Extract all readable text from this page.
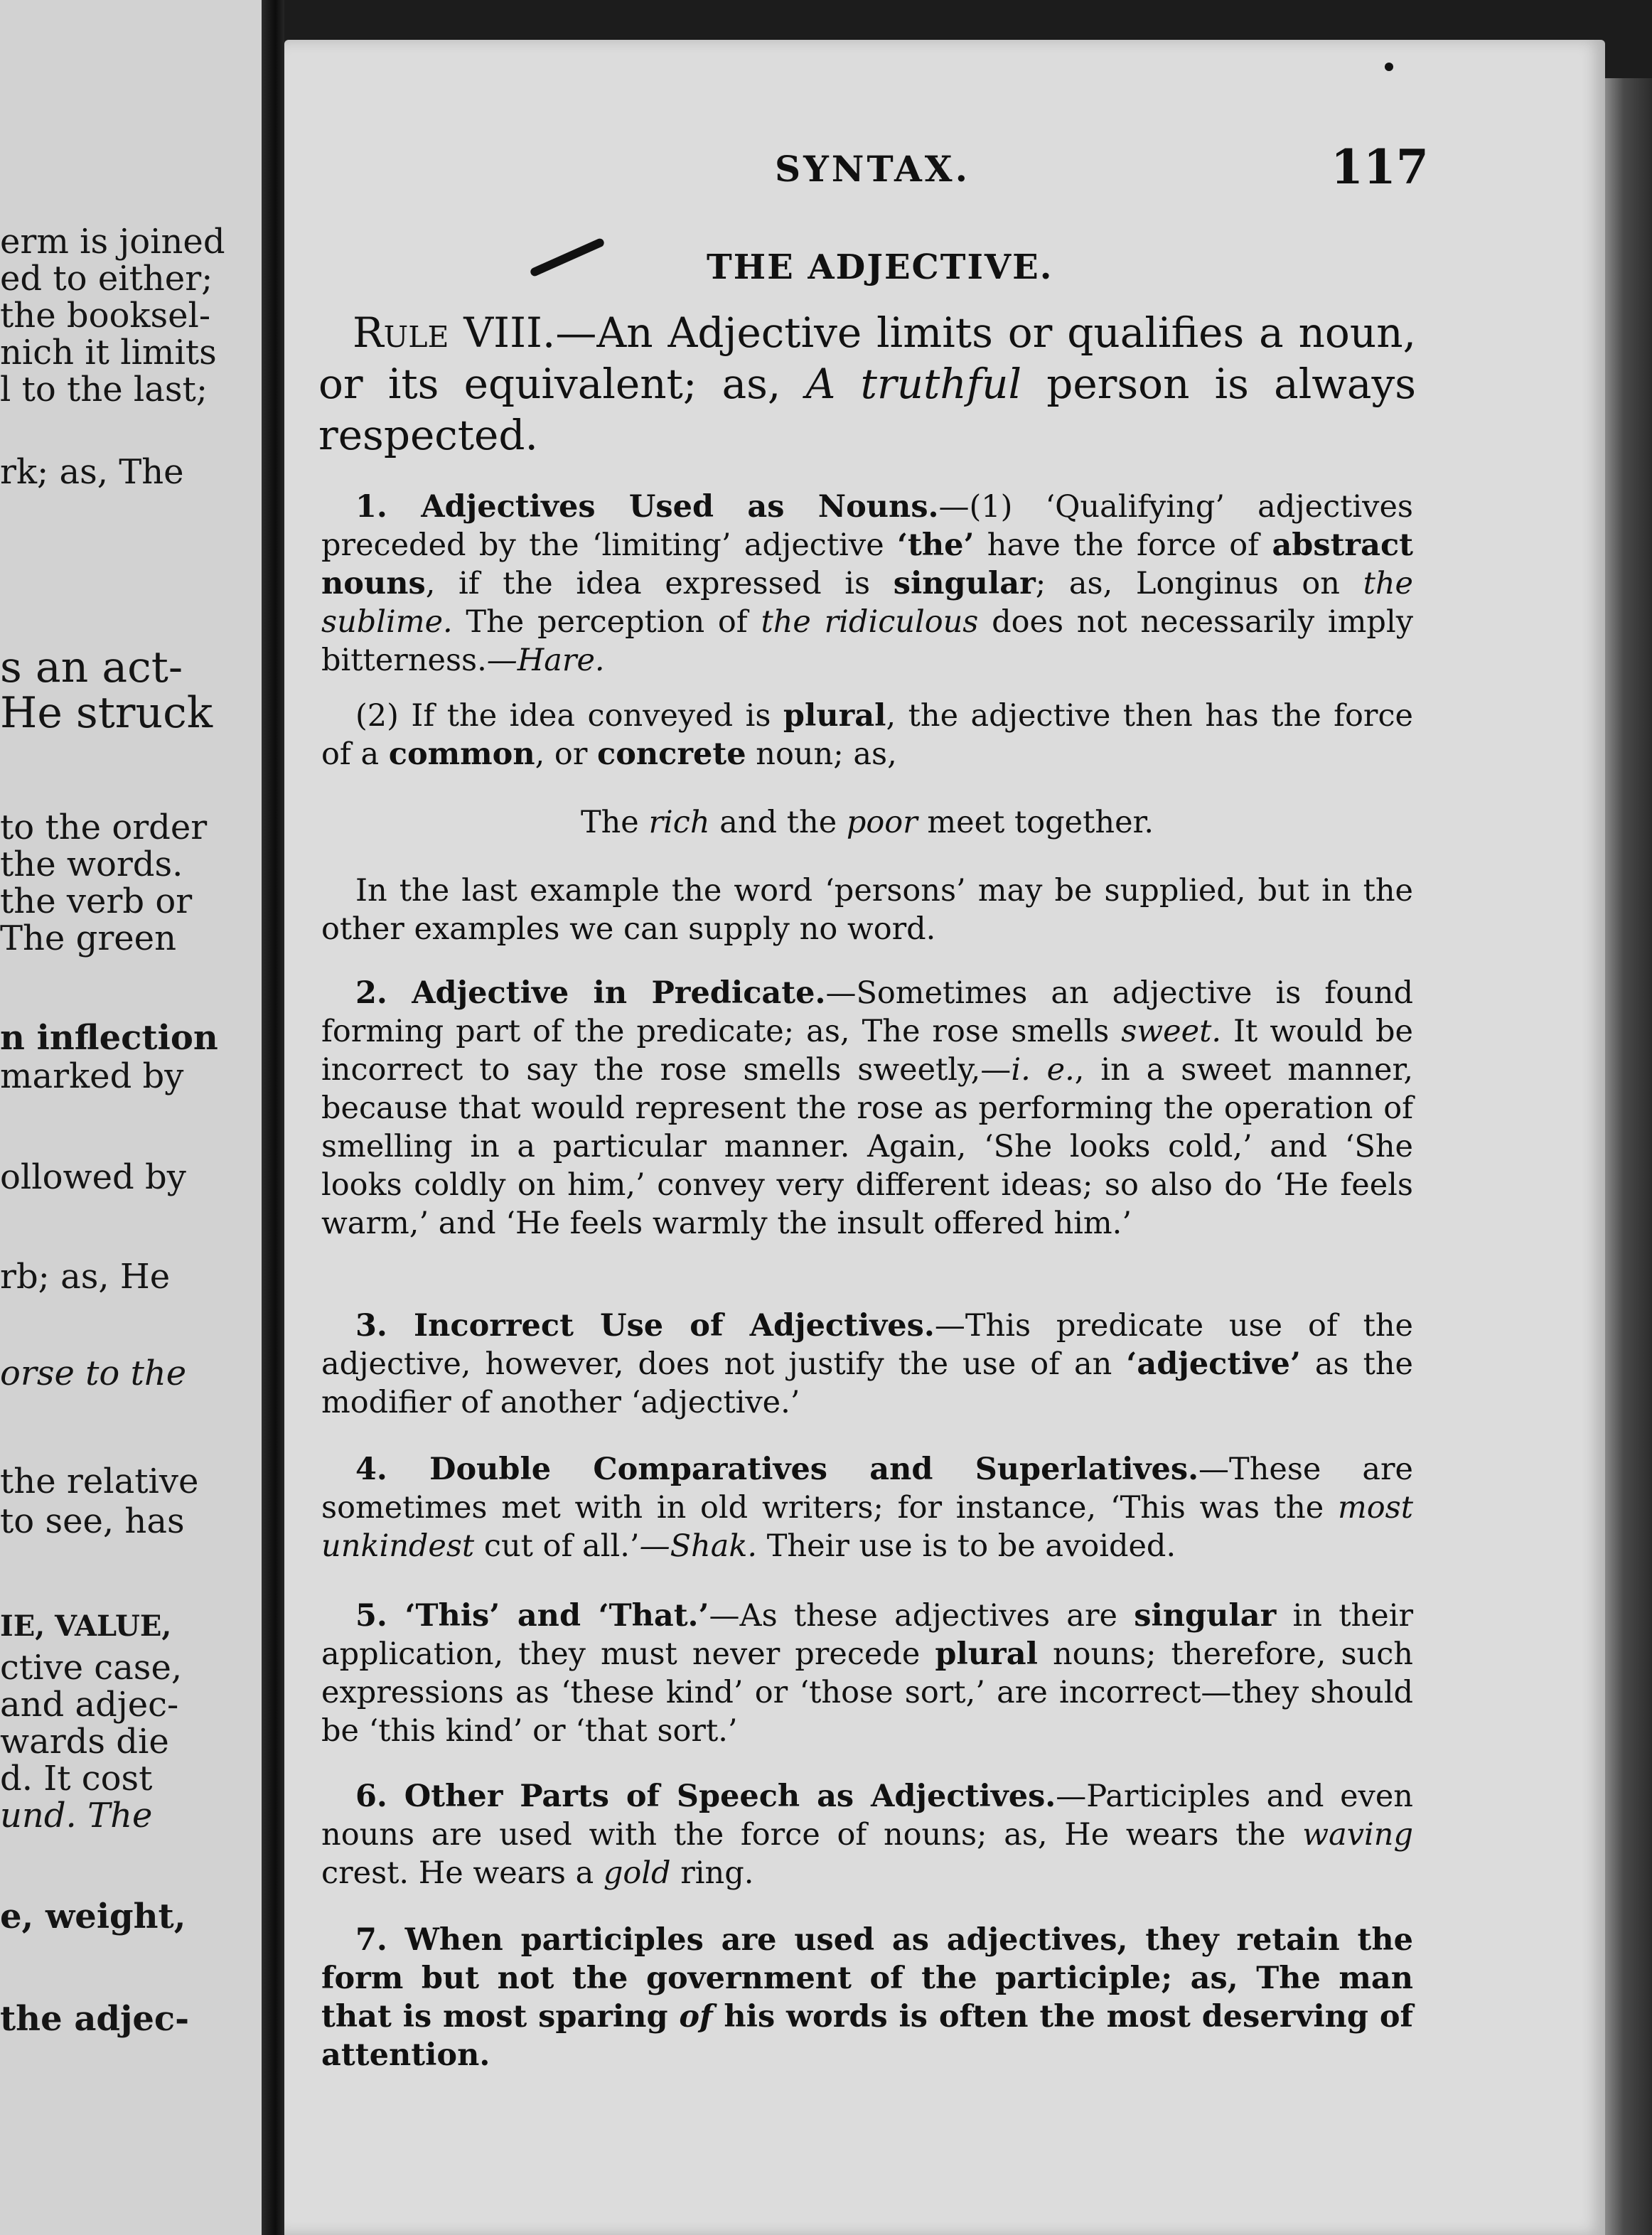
erm is joined
ed to either;
the booksel-
nich it limits
l to the last;
rk; as, The
s an act-
He struck
to the order
the words.
the verb or
The green
n inflection
marked by
ollowed by
rb; as, He
orse to the
the relative
to see, has
IE, VALUE,
ctive case,
and adjec-
wards die
d. It cost
und. The
e, weight,
the adjec-
SYNTAX.	117
THE ADJECTIVE.
Rule VIII.—An Adjective limits or qualifies a noun, or its equivalent; as, A truthful person is always respected.
1. Adjectives Used as Nouns.—(1) ‘Qualifying’ adjectives preceded by the ‘limiting’ adjective ‘the’ have the force of abstract nouns, if the idea expressed is singular; as, Longinus on the sublime. The perception of the ridiculous does not necessarily imply bitterness.—Hare.
(2) If the idea conveyed is plural, the adjective then has the force of a common, or concrete noun; as,
The rich and the poor meet together.
In the last example the word ‘persons’ may be supplied, but in the other examples we can supply no word.
2. Adjective in Predicate.—Sometimes an adjective is found forming part of the predicate; as, The rose smells sweet. It would be incorrect to say the rose smells sweetly,—i. e., in a sweet manner, because that would represent the rose as performing the operation of smelling in a particular manner. Again, ‘She looks cold,’ and ‘She looks coldly on him,’ convey very different ideas; so also do ‘He feels warm,’ and ‘He feels warmly the insult offered him.’
3. Incorrect Use of Adjectives.—This predicate use of the adjective, however, does not justify the use of an ‘adjective’ as the modifier of another ‘adjective.’
4. Double Comparatives and Superlatives.—These are sometimes met with in old writers; for instance, ‘This was the most unkindest cut of all.’—Shak. Their use is to be avoided.
5. ‘This’ and ‘That.’—As these adjectives are singular in their application, they must never precede plural nouns; therefore, such expressions as ‘these kind’ or ‘those sort,’ are incorrect—they should be ‘this kind’ or ‘that sort.’
6. Other Parts of Speech as Adjectives.—Participles and even nouns are used with the force of nouns; as, He wears the waving crest. He wears a gold ring.
7. When participles are used as adjectives, they retain the form but not the government of the participle; as, The man that is most sparing of his words is often the most deserving of attention.
